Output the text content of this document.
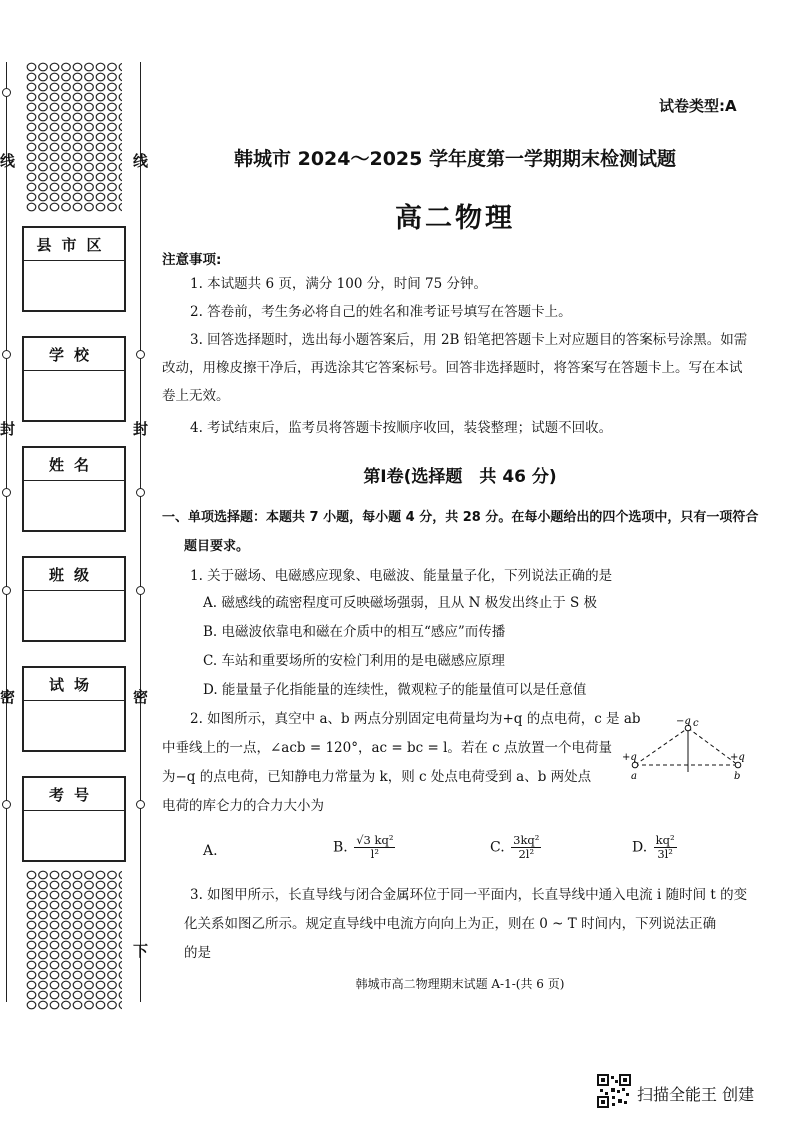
线	线
封	封
密	密
下
县市区
学校
姓名
班级
试场
考号
试卷类型:A
韩城市 2024～2025 学年度第一学期期末检测试题
高二物理
注意事项:
1. 本试题共 6 页，满分 100 分，时间 75 分钟。
2. 答卷前，考生务必将自己的姓名和准考证号填写在答题卡上。
3. 回答选择题时，选出每小题答案后，用 2B 铅笔把答题卡上对应题目的答案标号涂黑。如需
改动，用橡皮擦干净后，再选涂其它答案标号。回答非选择题时，将答案写在答题卡上。写在本试
卷上无效。
4. 考试结束后，监考员将答题卡按顺序收回，装袋整理；试题不回收。
第Ⅰ卷(选择题　共 46 分)
一、单项选择题：本题共 7 小题，每小题 4 分，共 28 分。在每小题给出的四个选项中，只有一项符合
题目要求。
1. 关于磁场、电磁感应现象、电磁波、能量量子化，下列说法正确的是
A. 磁感线的疏密程度可反映磁场强弱，且从 N 极发出终止于 S 极
B. 电磁波依靠电和磁在介质中的相互“感应”而传播
C. 车站和重要场所的安检门利用的是电磁感应原理
D. 能量量子化指能量的连续性，微观粒子的能量值可以是任意值
2. 如图所示，真空中 a、b 两点分别固定电荷量均为+q 的点电荷，c 是 ab
中垂线上的一点，∠acb = 120°，ac = bc = l。若在 c 点放置一个电荷量
为−q 的点电荷，已知静电力常量为 k，则 c 处点电荷受到 a、b 两处点
电荷的库仑力的合力大小为
−q c
+q
a
+q
b
A.	B. $\frac{\text{√3 kq²}}{\text{l²}}$	C. $\frac{\text{3kq²}}{\text{2l²}}$	D. $\frac{\text{kq²}}{\text{3l²}}$
3. 如图甲所示，长直导线与闭合金属环位于同一平面内，长直导线中通入电流 i 随时间 t 的变
化关系如图乙所示。规定直导线中电流方向向上为正，则在 0 ~ T 时间内，下列说法正确
的是
韩城市高二物理期末试题 A-1-(共 6 页)
扫描全能王 创建
